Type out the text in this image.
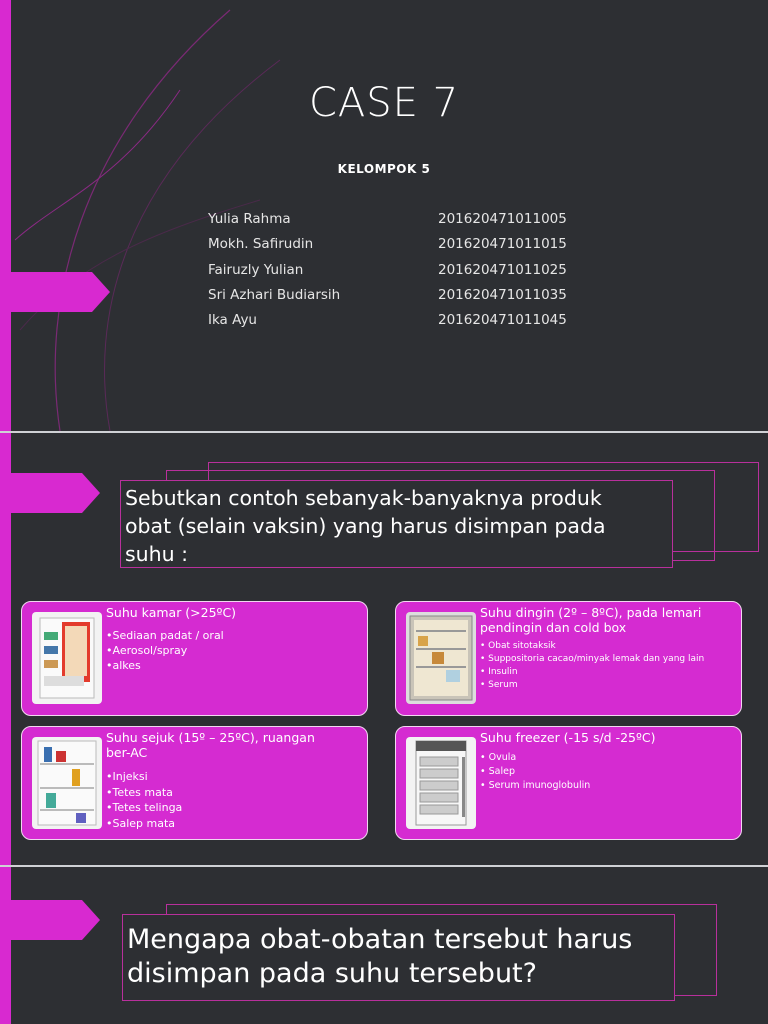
CASE 7
KELOMPOK 5
Yulia Rahma	201620471011005
Mokh. Safirudin	201620471011015
Fairuzly Yulian	201620471011025
Sri Azhari Budiarsih	201620471011035
Ika Ayu	201620471011045
Sebutkan contoh sebanyak-banyaknya produk
obat (selain vaksin) yang harus disimpan pada
suhu :
Suhu kamar (>25ºC)
•Sediaan padat / oral
•Aerosol/spray
•alkes
Suhu dingin (2º – 8ºC), pada lemari
pendingin dan cold box
• Obat sitotaksik
• Suppositoria cacao/minyak lemak dan yang lain
• Insulin
• Serum
Suhu sejuk (15º – 25ºC), ruangan
ber-AC
•Injeksi
•Tetes mata
•Tetes telinga
•Salep mata
Suhu freezer (-15 s/d -25ºC)
• Ovula
• Salep
• Serum imunoglobulin
Mengapa obat-obatan tersebut harus
disimpan pada suhu tersebut?
